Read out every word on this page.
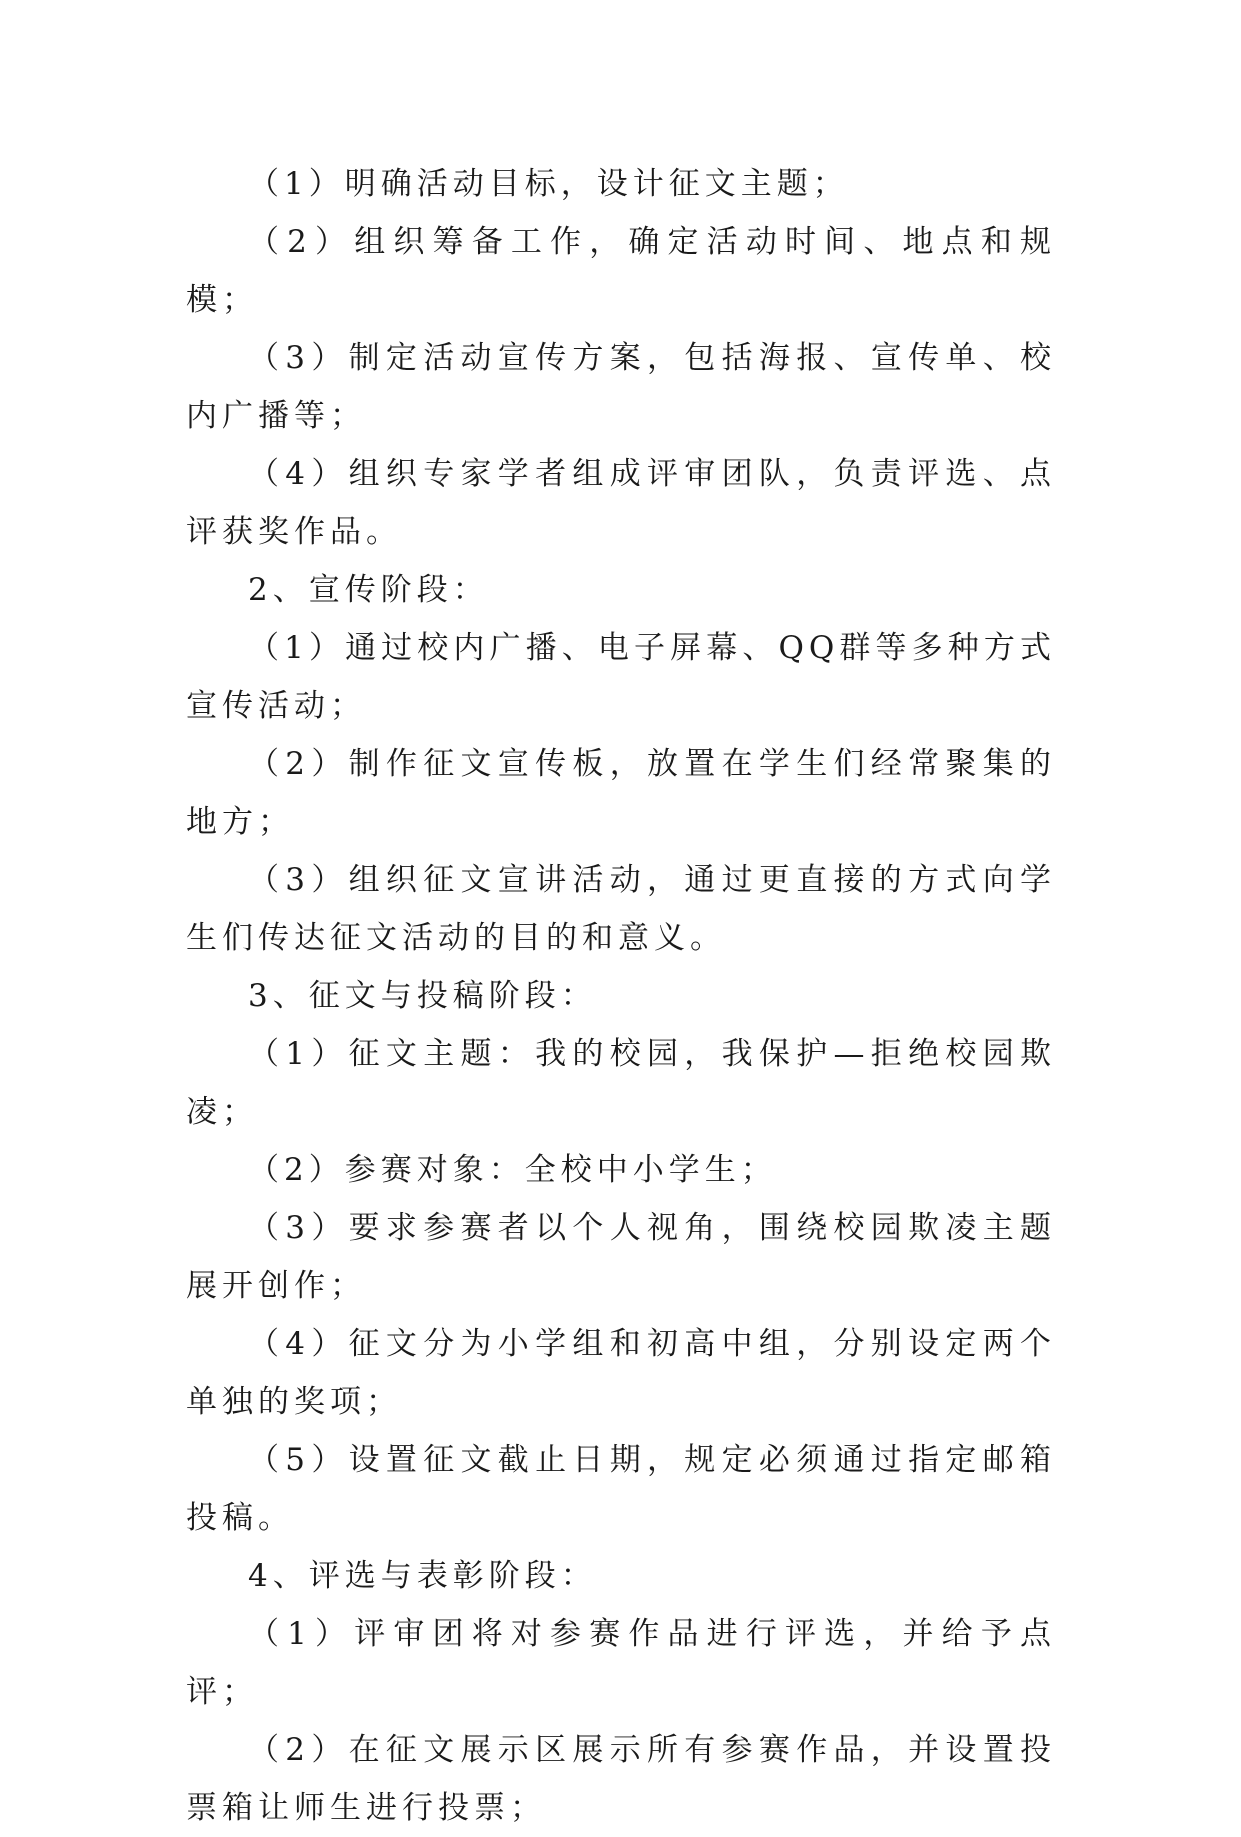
（1）明确活动目标，设计征文主题；

（2）组织筹备工作，确定活动时间、地点和规模；

（3）制定活动宣传方案，包括海报、宣传单、校内广播等；

（4）组织专家学者组成评审团队，负责评选、点评获奖作品。

2、宣传阶段：

（1）通过校内广播、电子屏幕、QQ群等多种方式宣传活动；

（2）制作征文宣传板，放置在学生们经常聚集的地方；

（3）组织征文宣讲活动，通过更直接的方式向学生们传达征文活动的目的和意义。

3、征文与投稿阶段：

（1）征文主题：我的校园，我保护—拒绝校园欺凌；

（2）参赛对象：全校中小学生；

（3）要求参赛者以个人视角，围绕校园欺凌主题展开创作；

（4）征文分为小学组和初高中组，分别设定两个单独的奖项；

（5）设置征文截止日期，规定必须通过指定邮箱投稿。

4、评选与表彰阶段：

（1）评审团将对参赛作品进行评选，并给予点评；

（2）在征文展示区展示所有参赛作品，并设置投票箱让师生进行投票；
